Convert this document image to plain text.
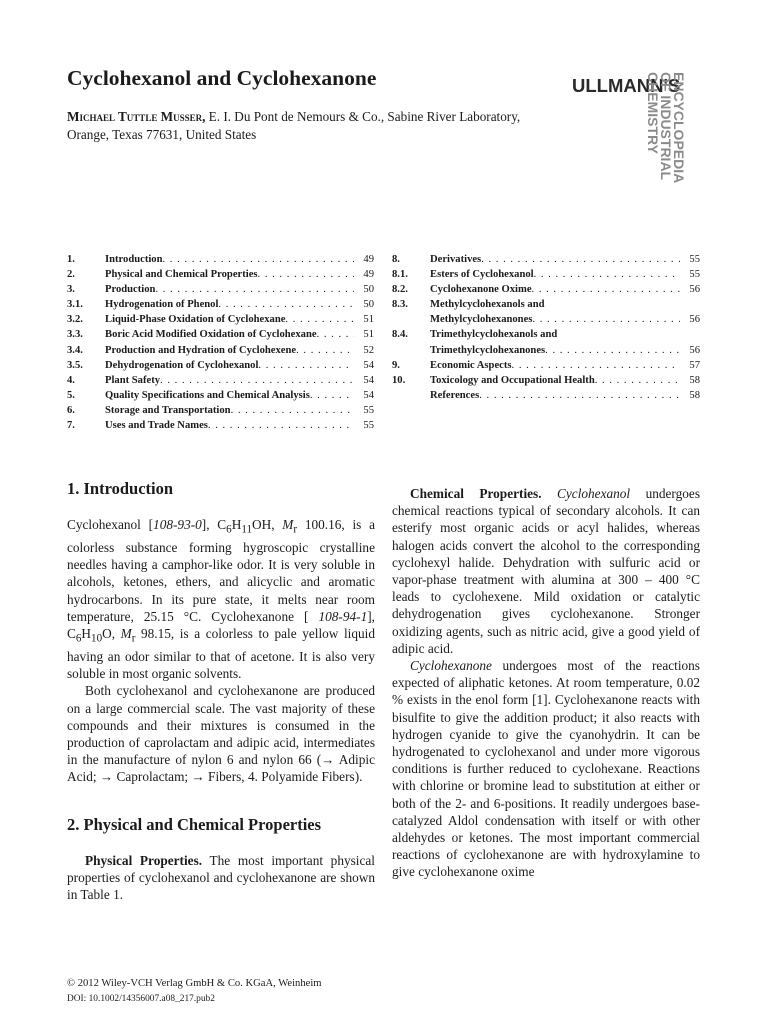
Cyclohexanol and Cyclohexanone
Michael Tuttle Musser, E. I. Du Pont de Nemours & Co., Sabine River Laboratory,
Orange, Texas 77631, United States
ULLMANN'S
ENCYCLOPEDIA
OF INDUSTRIAL
CHEMISTRY
1.	Introduction . . .	49
2.	Physical and Chemical Properties . . .	49
3.	Production . . .	50
3.1.	Hydrogenation of Phenol . . .	50
3.2.	Liquid-Phase Oxidation of Cyclohexane . . .	51
3.3.	Boric Acid Modified Oxidation of Cyclohexane . . .	51
3.4.	Production and Hydration of Cyclohexene . . .	52
3.5.	Dehydrogenation of Cyclohexanol . . .	54
4.	Plant Safety . . .	54
5.	Quality Specifications and Chemical Analysis . . .	54
6.	Storage and Transportation . . .	55
7.	Uses and Trade Names . . .	55
8.	Derivatives . . .	55
8.1.	Esters of Cyclohexanol . . .	55
8.2.	Cyclohexanone Oxime . . .	56
8.3.	Methylcyclohexanols and
Methylcyclohexanones . . .	56
8.4.	Trimethylcyclohexanols and
Trimethylcyclohexanones . . .	56
9.	Economic Aspects . . .	57
10.	Toxicology and Occupational Health . . .	58
References . . .	58
1. Introduction

Cyclohexanol [108-93-0], $C_6H_{11}OH$, $M_r$ 100.16, is a colorless substance forming hygroscopic crystalline needles having a camphor-like odor. It is very soluble in alcohols, ketones, ethers, and alicyclic and aromatic hydrocarbons. In its pure state, it melts near room temperature, 25.15 °C. Cyclohexanone [ 108-94-1], $C_6H_{10}O$, $M_r$ 98.15, is a colorless to pale yellow liquid having an odor similar to that of acetone. It is also very soluble in most organic solvents.

Both cyclohexanol and cyclohexanone are produced on a large commercial scale. The vast majority of these compounds and their mixtures is consumed in the production of caprolactam and adipic acid, intermediates in the manufacture of nylon 6 and nylon 66 (→ Adipic Acid; → Caprolactam; → Fibers, 4. Polyamide Fibers).

2. Physical and Chemical Properties

Physical Properties. The most important physical properties of cyclohexanol and cyclohexanone are shown in Table 1.

Chemical Properties. Cyclohexanol undergoes chemical reactions typical of secondary alcohols. It can esterify most organic acids or acyl halides, whereas halogen acids convert the alcohol to the corresponding cyclohexyl halide. Dehydration with sulfuric acid or vapor-phase treatment with alumina at 300 – 400 °C leads to cyclohexene. Mild oxidation or catalytic dehydrogenation gives cyclohexanone. Stronger oxidizing agents, such as nitric acid, give a good yield of adipic acid.

Cyclohexanone undergoes most of the reactions expected of aliphatic ketones. At room temperature, 0.02 % exists in the enol form [1]. Cyclohexanone reacts with bisulfite to give the addition product; it also reacts with hydrogen cyanide to give the cyanohydrin. It can be hydrogenated to cyclohexanol and under more vigorous conditions is further reduced to cyclohexane. Reactions with chlorine or bromine lead to substitution at either or both of the 2- and 6-positions. It readily undergoes base-catalyzed Aldol condensation with itself or with other aldehydes or ketones. The most important commercial reactions of cyclohexanone are with hydroxylamine to give cyclohexanone oxime

© 2012 Wiley-VCH Verlag GmbH & Co. KGaA, Weinheim
DOI: 10.1002/14356007.a08_217.pub2
